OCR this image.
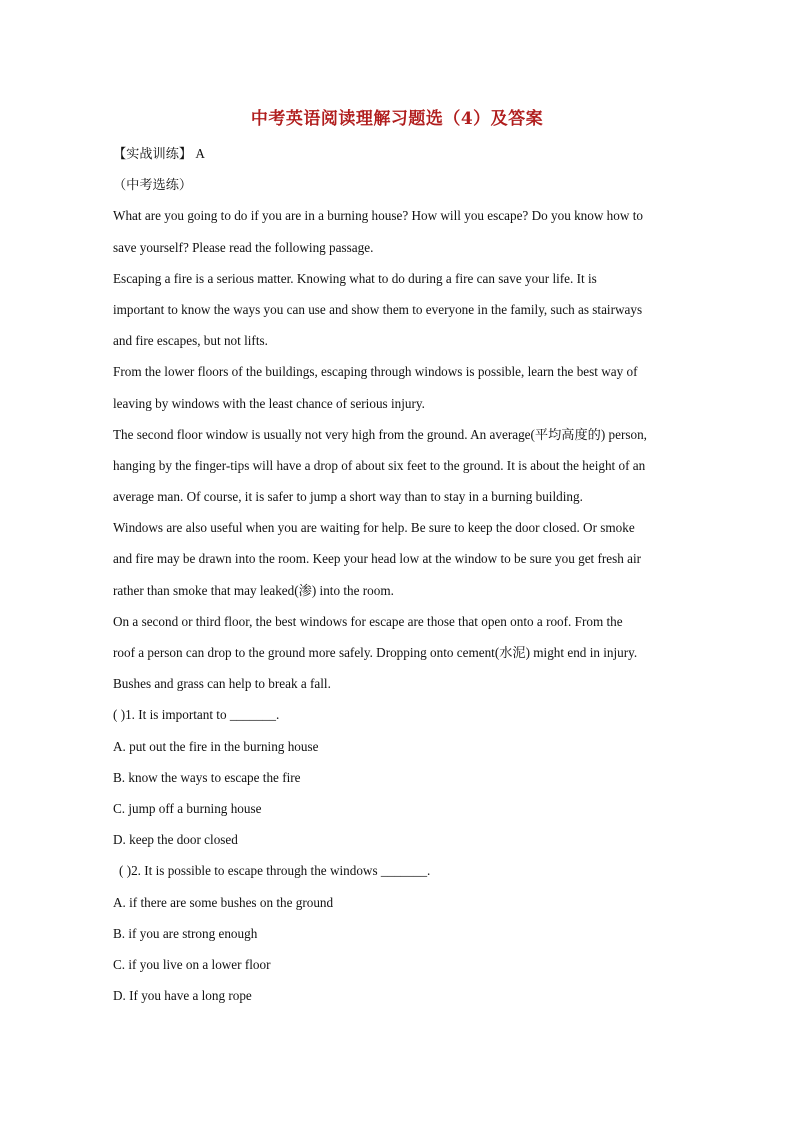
中考英语阅读理解习题选（4）及答案
【实战训练】 A
（中考选练）
What are you going to do if you are in a burning house? How will you escape? Do you know how to
save yourself? Please read the following passage.
Escaping a fire is a serious matter. Knowing what to do during a fire can save your life. It is
important to know the ways you can use and show them to everyone in the family, such as stairways
and fire escapes, but not lifts.
From the lower floors of the buildings, escaping through windows is possible, learn the best way of
leaving by windows with the least chance of serious injury.
The second floor window is usually not very high from the ground. An average(平均高度的) person,
hanging by the finger-tips will have a drop of about six feet to the ground. It is about the height of an
average man. Of course, it is safer to jump a short way than to stay in a burning building.
Windows are also useful when you are waiting for help. Be sure to keep the door closed. Or smoke
and fire may be drawn into the room. Keep your head low at the window to be sure you get fresh air
rather than smoke that may leaked(渗) into the room.
On a second or third floor, the best windows for escape are those that open onto a roof. From the
roof a person can drop to the ground more safely. Dropping onto cement(水泥) might end in injury.
Bushes and grass can help to break a fall.
( )1. It is important to _______.
A. put out the fire in the burning house
B. know the ways to escape the fire
C. jump off a burning house
D. keep the door closed
( )2. It is possible to escape through the windows _______.
A. if there are some bushes on the ground
B. if you are strong enough
C. if you live on a lower floor
D. If you have a long rope
